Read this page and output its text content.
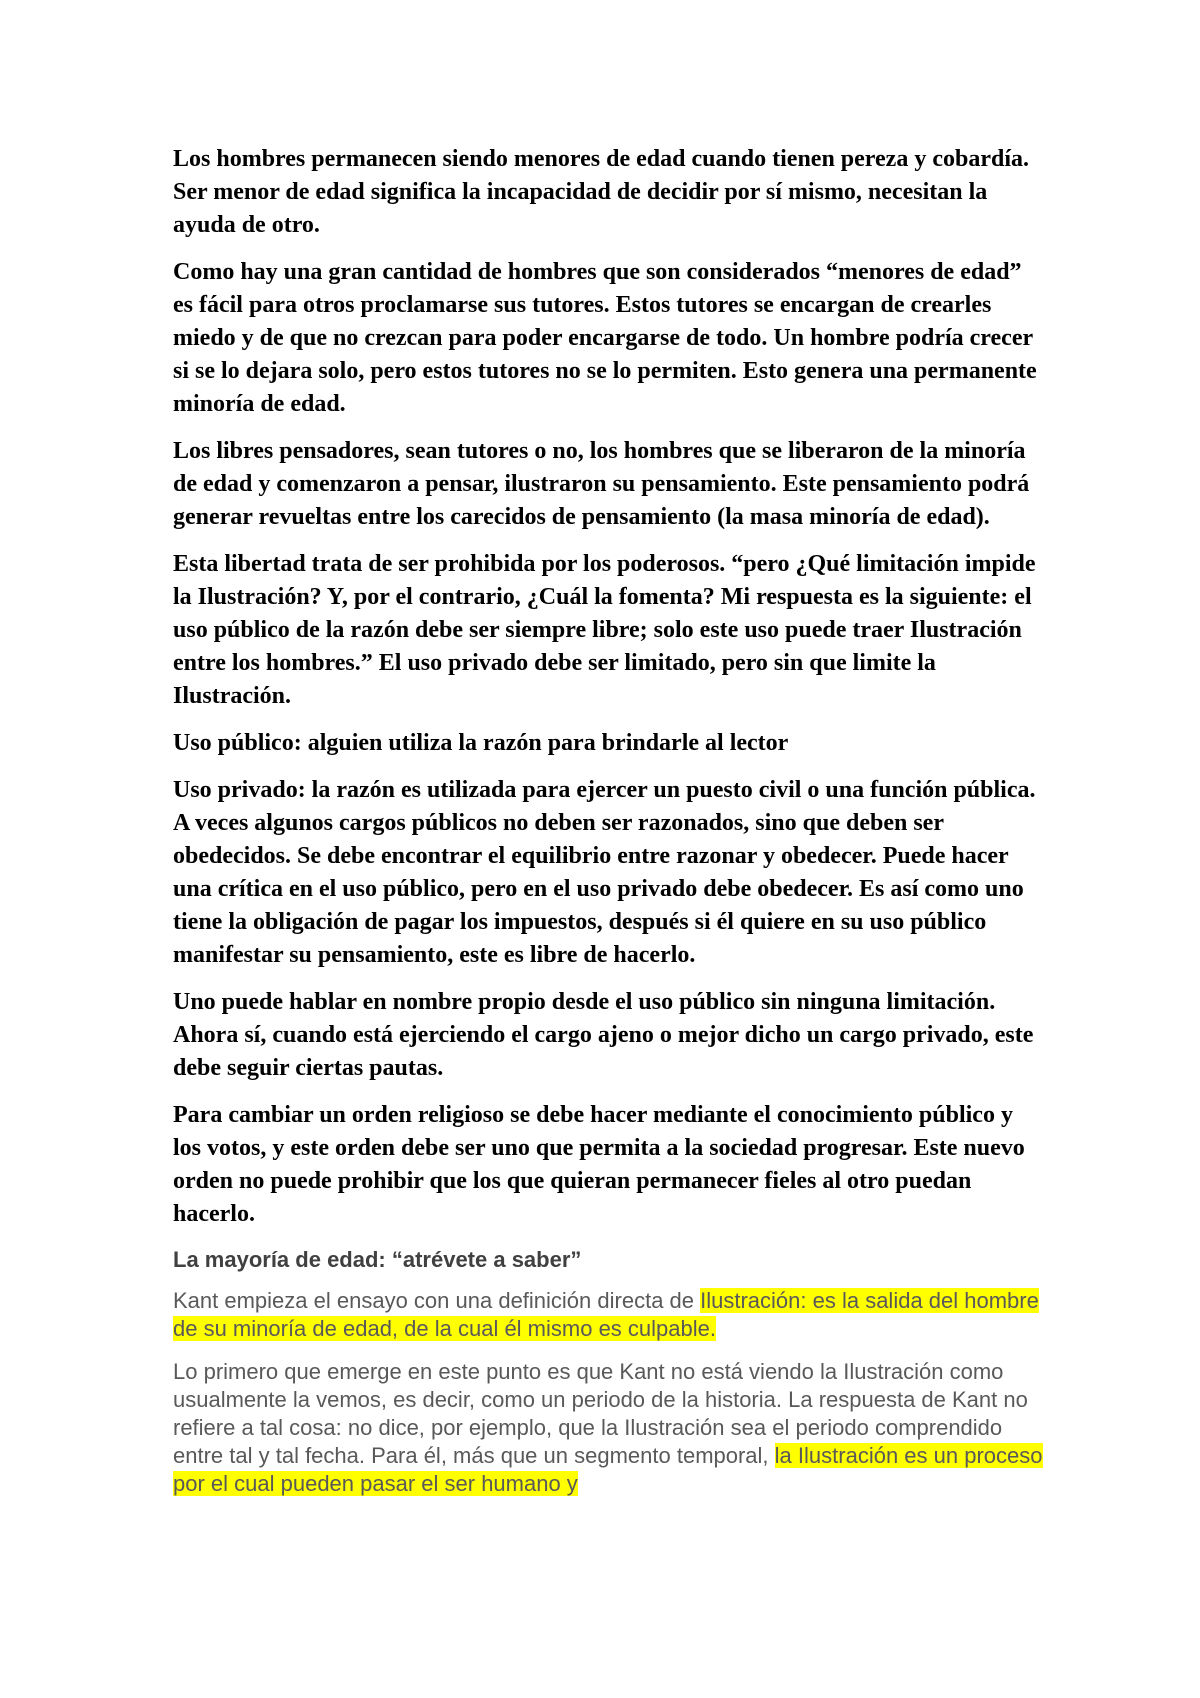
Los hombres permanecen siendo menores de edad cuando tienen pereza y cobardía. Ser menor de edad significa la incapacidad de decidir por sí mismo, necesitan la ayuda de otro.

Como hay una gran cantidad de hombres que son considerados “menores de edad” es fácil para otros proclamarse sus tutores. Estos tutores se encargan de crearles miedo y de que no crezcan para poder encargarse de todo. Un hombre podría crecer si se lo dejara solo, pero estos tutores no se lo permiten. Esto genera una permanente minoría de edad.

Los libres pensadores, sean tutores o no, los hombres que se liberaron de la minoría de edad y comenzaron a pensar, ilustraron su pensamiento. Este pensamiento podrá generar revueltas entre los carecidos de pensamiento (la masa minoría de edad).

Esta libertad trata de ser prohibida por los poderosos. “pero ¿Qué limitación impide la Ilustración? Y, por el contrario, ¿Cuál la fomenta? Mi respuesta es la siguiente: el uso público de la razón debe ser siempre libre; solo este uso puede traer Ilustración entre los hombres.” El uso privado debe ser limitado, pero sin que limite la Ilustración.

Uso público: alguien utiliza la razón para brindarle al lector

Uso privado: la razón es utilizada para ejercer un puesto civil o una función pública. A veces algunos cargos públicos no deben ser razonados, sino que deben ser obedecidos. Se debe encontrar el equilibrio entre razonar y obedecer. Puede hacer una crítica en el uso público, pero en el uso privado debe obedecer. Es así como uno tiene la obligación de pagar los impuestos, después si él quiere en su uso público manifestar su pensamiento, este es libre de hacerlo.

Uno puede hablar en nombre propio desde el uso público sin ninguna limitación. Ahora sí, cuando está ejerciendo el cargo ajeno o mejor dicho un cargo privado, este debe seguir ciertas pautas.

Para cambiar un orden religioso se debe hacer mediante el conocimiento público y los votos, y este orden debe ser uno que permita a la sociedad progresar. Este nuevo orden no puede prohibir que los que quieran permanecer fieles al otro puedan hacerlo.

La mayoría de edad: “atrévete a saber”

Kant empieza el ensayo con una definición directa de Ilustración: es la salida del hombre de su minoría de edad, de la cual él mismo es culpable.

Lo primero que emerge en este punto es que Kant no está viendo la Ilustración como usualmente la vemos, es decir, como un periodo de la historia. La respuesta de Kant no refiere a tal cosa: no dice, por ejemplo, que la Ilustración sea el periodo comprendido entre tal y tal fecha. Para él, más que un segmento temporal, la Ilustración es un proceso por el cual pueden pasar el ser humano y
